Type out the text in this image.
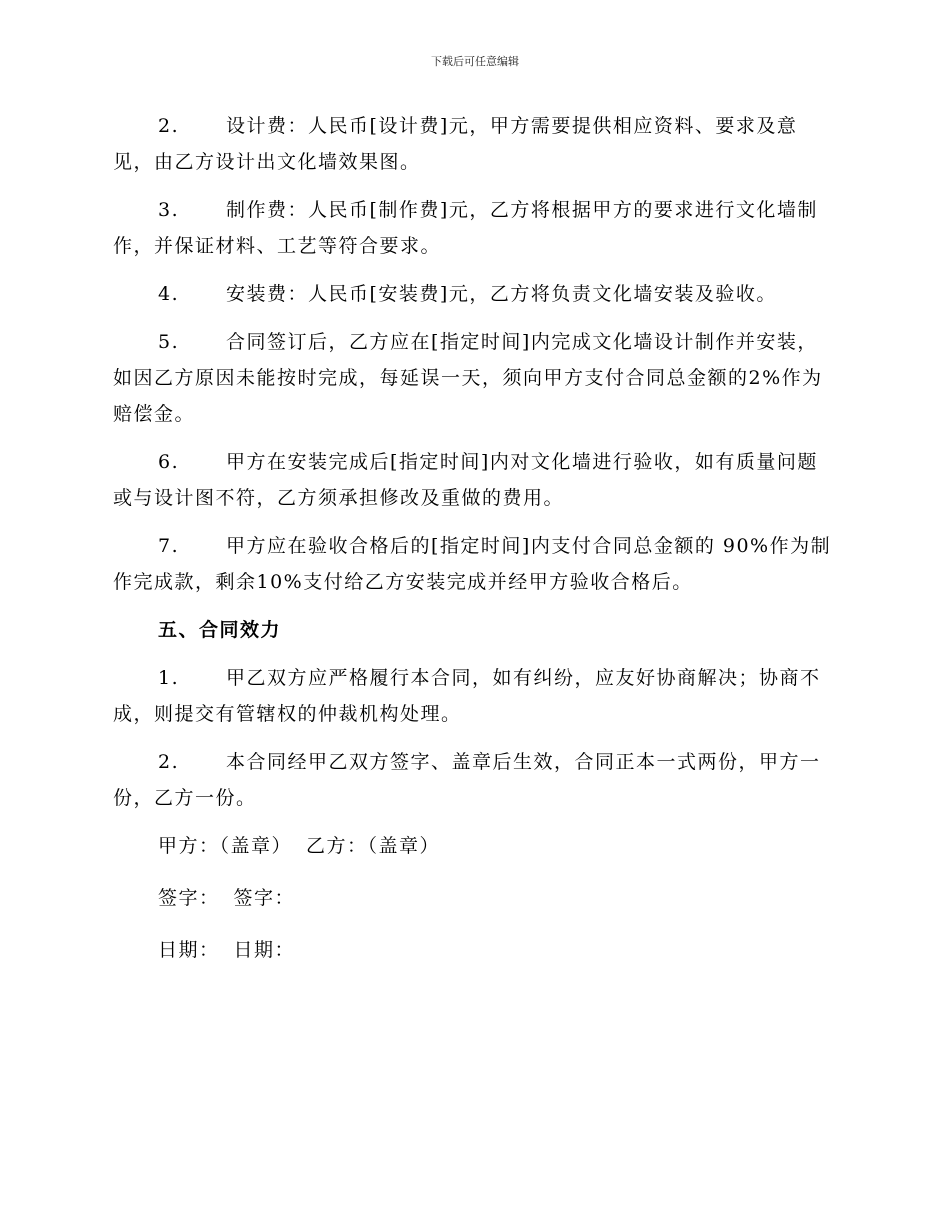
下载后可任意编辑

2. 设计费：人民币[设计费]元，甲方需要提供相应资料、要求及意见，由乙方设计出文化墙效果图。

3. 制作费：人民币[制作费]元，乙方将根据甲方的要求进行文化墙制作，并保证材料、工艺等符合要求。

4. 安装费：人民币[安装费]元，乙方将负责文化墙安装及验收。

5. 合同签订后，乙方应在[指定时间]内完成文化墙设计制作并安装，如因乙方原因未能按时完成，每延误一天，须向甲方支付合同总金额的2%作为赔偿金。

6. 甲方在安装完成后[指定时间]内对文化墙进行验收，如有质量问题或与设计图不符，乙方须承担修改及重做的费用。

7. 甲方应在验收合格后的[指定时间]内支付合同总金额的 90%作为制作完成款，剩余10%支付给乙方安装完成并经甲方验收合格后。

五、合同效力

1. 甲乙双方应严格履行本合同，如有纠纷，应友好协商解决；协商不成，则提交有管辖权的仲裁机构处理。

2. 本合同经甲乙双方签字、盖章后生效，合同正本一式两份，甲方一份，乙方一份。

甲方：（盖章） 乙方：（盖章）

签字： 签字：

日期： 日期：
